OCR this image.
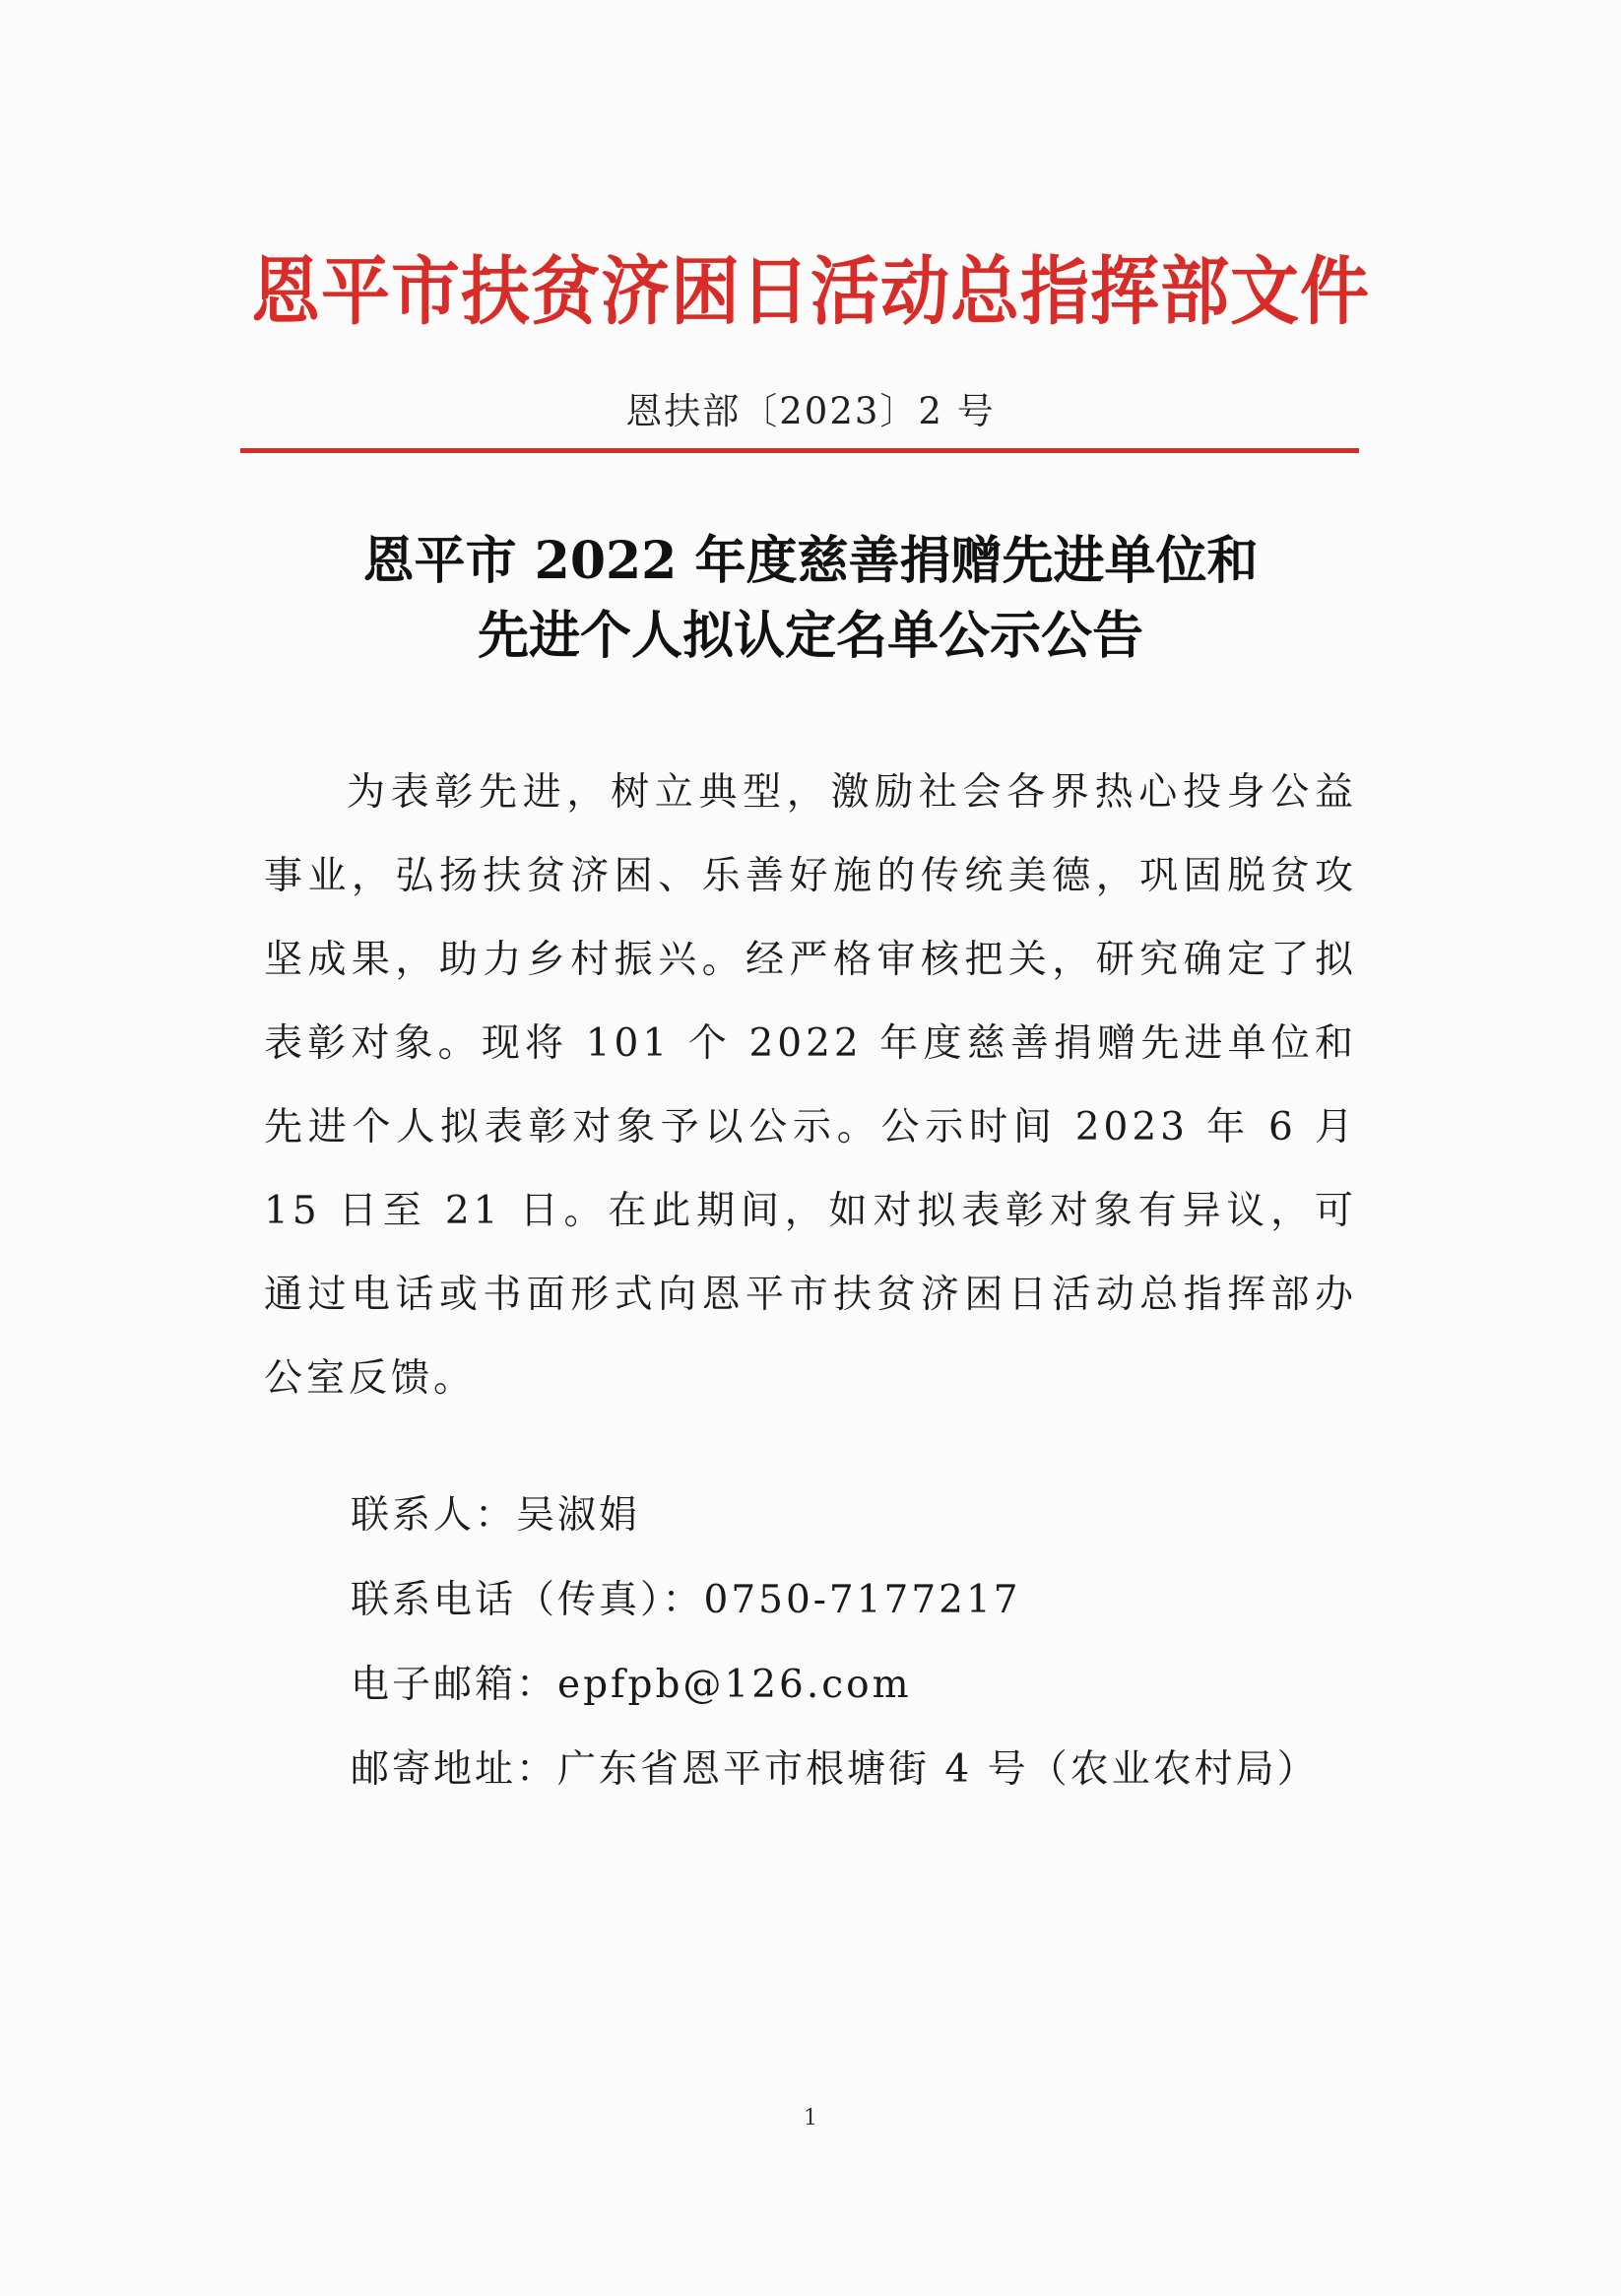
恩平市扶贫济困日活动总指挥部文件
恩扶部〔2023〕2 号
恩平市 2022 年度慈善捐赠先进单位和
先进个人拟认定名单公示公告

为表彰先进，树立典型，激励社会各界热心投身公益事业，弘扬扶贫济困、乐善好施的传统美德，巩固脱贫攻坚成果，助力乡村振兴。经严格审核把关，研究确定了拟表彰对象。现将 101 个 2022 年度慈善捐赠先进单位和先进个人拟表彰对象予以公示。公示时间 2023 年 6 月 15 日至 21 日。在此期间，如对拟表彰对象有异议，可通过电话或书面形式向恩平市扶贫济困日活动总指挥部办公室反馈。

联系人：吴淑娟
联系电话（传真）：0750-7177217
电子邮箱：epfpb@126.com
邮寄地址：广东省恩平市根塘街 4 号（农业农村局）
1
